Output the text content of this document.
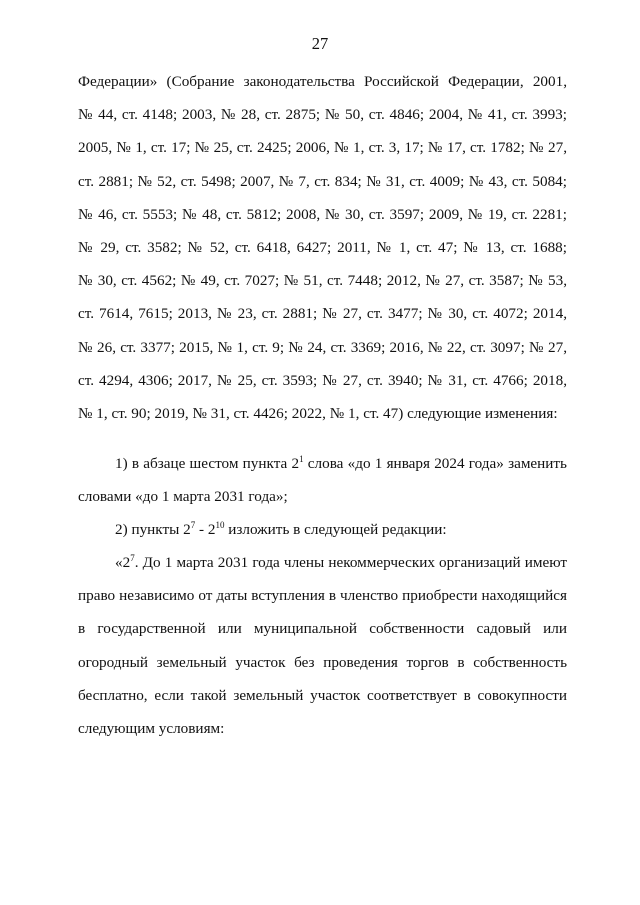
27
Федерации» (Собрание законодательства Российской Федерации, 2001,
№ 44, ст. 4148; 2003, № 28, ст. 2875; № 50, ст. 4846; 2004, № 41, ст. 3993;
2005, № 1, ст. 17; № 25, ст. 2425; 2006, № 1, ст. 3, 17; № 17, ст. 1782; № 27,
ст. 2881; № 52, ст. 5498; 2007, № 7, ст. 834; № 31, ст. 4009; № 43, ст. 5084;
№ 46, ст. 5553; № 48, ст. 5812; 2008, № 30, ст. 3597; 2009, № 19, ст. 2281;
№ 29, ст. 3582; № 52, ст. 6418, 6427; 2011, № 1, ст. 47; № 13, ст. 1688;
№ 30, ст. 4562; № 49, ст. 7027; № 51, ст. 7448; 2012, № 27, ст. 3587; № 53,
ст. 7614, 7615; 2013, № 23, ст. 2881; № 27, ст. 3477; № 30, ст. 4072; 2014,
№ 26, ст. 3377; 2015, № 1, ст. 9; № 24, ст. 3369; 2016, № 22, ст. 3097; № 27,
ст. 4294, 4306; 2017, № 25, ст. 3593; № 27, ст. 3940; № 31, ст. 4766; 2018,
№ 1, ст. 90; 2019, № 31, ст. 4426; 2022, № 1, ст. 47) следующие изменения:
1) в абзаце шестом пункта $2^1$ слова «до 1 января 2024 года» заменить
словами «до 1 марта 2031 года»;
2) пункты $2^7 - 2^{10}$ изложить в следующей редакции:
«$2^7$. До 1 марта 2031 года члены некоммерческих организаций имеют
право независимо от даты вступления в членство приобрести находящийся
в государственной или муниципальной собственности садовый или
огородный земельный участок без проведения торгов в собственность
бесплатно, если такой земельный участок соответствует в совокупности
следующим условиям:
